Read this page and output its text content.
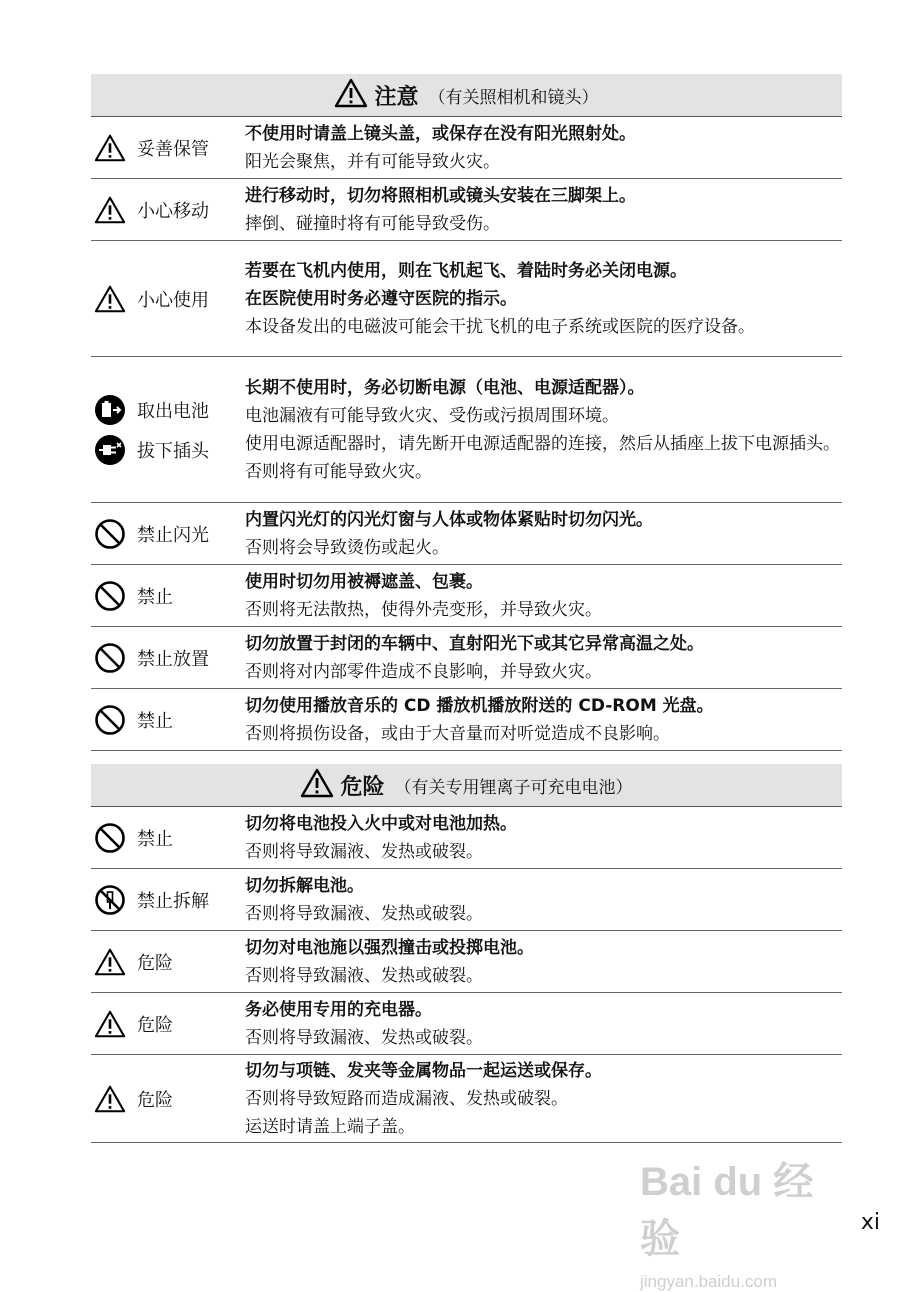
注意 （有关照相机和镜头）
妥善保管
不使用时请盖上镜头盖，或保存在没有阳光照射处。
阳光会聚焦，并有可能导致火灾。
小心移动
进行移动时，切勿将照相机或镜头安装在三脚架上。
摔倒、碰撞时将有可能导致受伤。
小心使用
若要在飞机内使用，则在飞机起飞、着陆时务必关闭电源。
在医院使用时务必遵守医院的指示。
本设备发出的电磁波可能会干扰飞机的电子系统或医院的医疗设备。
取出电池
拔下插头
长期不使用时，务必切断电源（电池、电源适配器）。
电池漏液有可能导致火灾、受伤或污损周围环境。
使用电源适配器时，请先断开电源适配器的连接，然后从插座上拔下电源插头。
否则将有可能导致火灾。
禁止闪光
内置闪光灯的闪光灯窗与人体或物体紧贴时切勿闪光。
否则将会导致烫伤或起火。
禁止
使用时切勿用被褥遮盖、包裹。
否则将无法散热，使得外壳变形，并导致火灾。
禁止放置
切勿放置于封闭的车辆中、直射阳光下或其它异常高温之处。
否则将对内部零件造成不良影响，并导致火灾。
禁止
切勿使用播放音乐的 CD 播放机播放附送的 CD-ROM 光盘。
否则将损伤设备，或由于大音量而对听觉造成不良影响。
危险 （有关专用锂离子可充电电池）
禁止
切勿将电池投入火中或对电池加热。
否则将导致漏液、发热或破裂。
禁止拆解
切勿拆解电池。
否则将导致漏液、发热或破裂。
危险
切勿对电池施以强烈撞击或投掷电池。
否则将导致漏液、发热或破裂。
危险
务必使用专用的充电器。
否则将导致漏液、发热或破裂。
危险
切勿与项链、发夹等金属物品一起运送或保存。
否则将导致短路而造成漏液、发热或破裂。
运送时请盖上端子盖。
Bai du 经验
jingyan.baidu.com
xi
